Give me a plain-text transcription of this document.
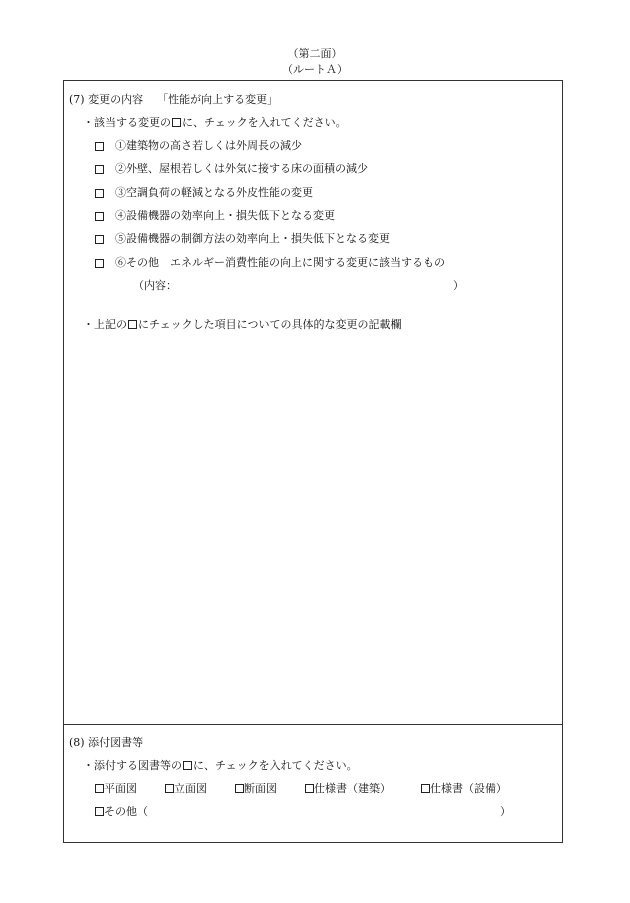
（第二面）
（ルートＡ）
(7) 変更の内容 「性能が向上する変更」
・該当する変更の に、チェックを入れてください。
①建築物の高さ若しくは外周長の減少
②外壁、屋根若しくは外気に接する床の面積の減少
③空調負荷の軽減となる外皮性能の変更
④設備機器の効率向上・損失低下となる変更
⑤設備機器の制御方法の効率向上・損失低下となる変更
⑥その他　エネルギー消費性能の向上に関する変更に該当するもの
（内容：	）
・上記の にチェックした項目についての具体的な変更の記載欄
(8) 添付図書等
・添付する図書等の に、チェックを入れてください。
平面図	立面図	断面図	仕様書（建築）	仕様書（設備）
その他（	）
